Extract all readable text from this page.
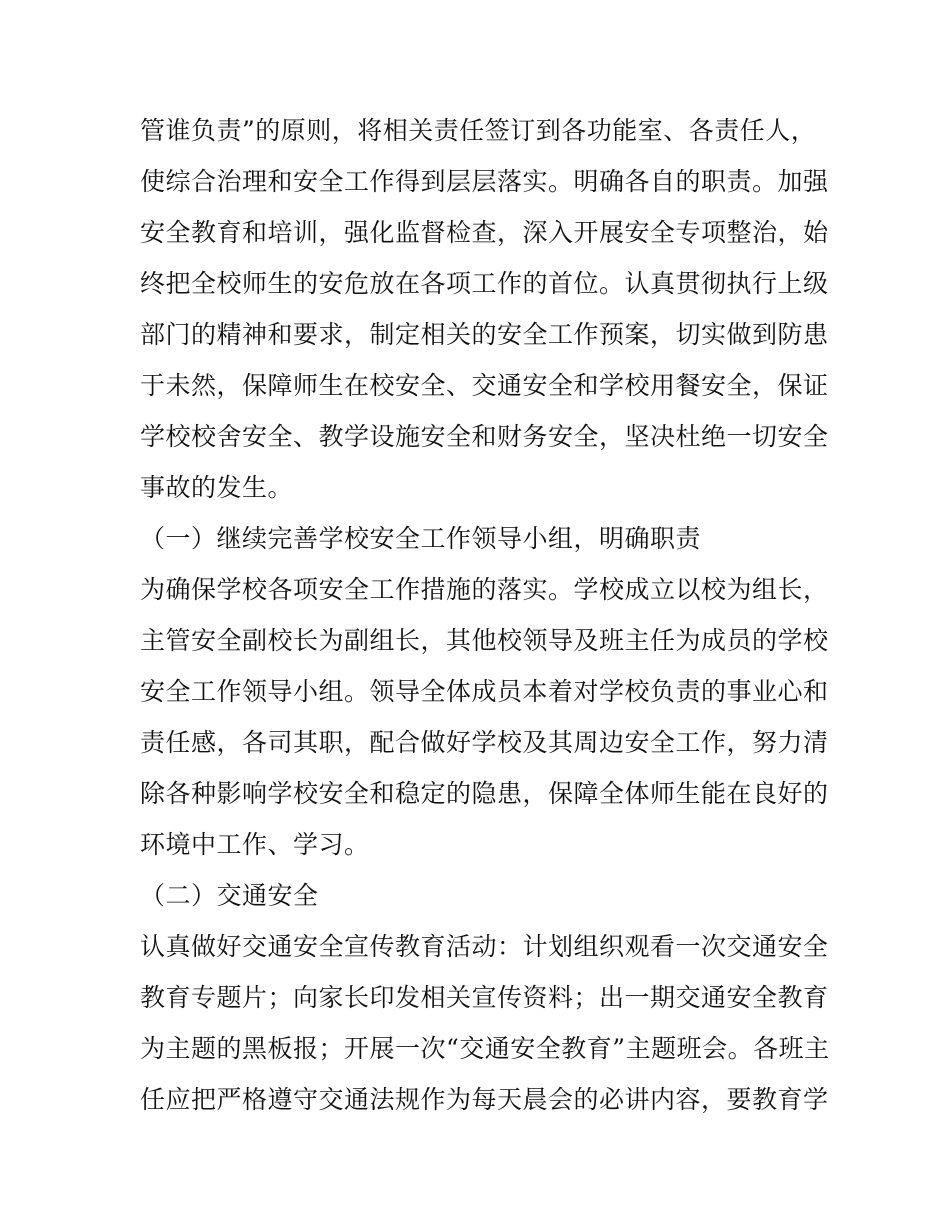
管谁负责”的原则，将相关责任签订到各功能室、各责任人，
使综合治理和安全工作得到层层落实。明确各自的职责。加强
安全教育和培训，强化监督检查，深入开展安全专项整治，始
终把全校师生的安危放在各项工作的首位。认真贯彻执行上级
部门的精神和要求，制定相关的安全工作预案，切实做到防患
于未然，保障师生在校安全、交通安全和学校用餐安全，保证
学校校舍安全、教学设施安全和财务安全，坚决杜绝一切安全
事故的发生。
（一）继续完善学校安全工作领导小组，明确职责
为确保学校各项安全工作措施的落实。学校成立以校为组长，
主管安全副校长为副组长，其他校领导及班主任为成员的学校
安全工作领导小组。领导全体成员本着对学校负责的事业心和
责任感，各司其职，配合做好学校及其周边安全工作，努力清
除各种影响学校安全和稳定的隐患，保障全体师生能在良好的
环境中工作、学习。
（二）交通安全
认真做好交通安全宣传教育活动：计划组织观看一次交通安全
教育专题片；向家长印发相关宣传资料；出一期交通安全教育
为主题的黑板报；开展一次“交通安全教育”主题班会。各班主
任应把严格遵守交通法规作为每天晨会的必讲内容，要教育学
